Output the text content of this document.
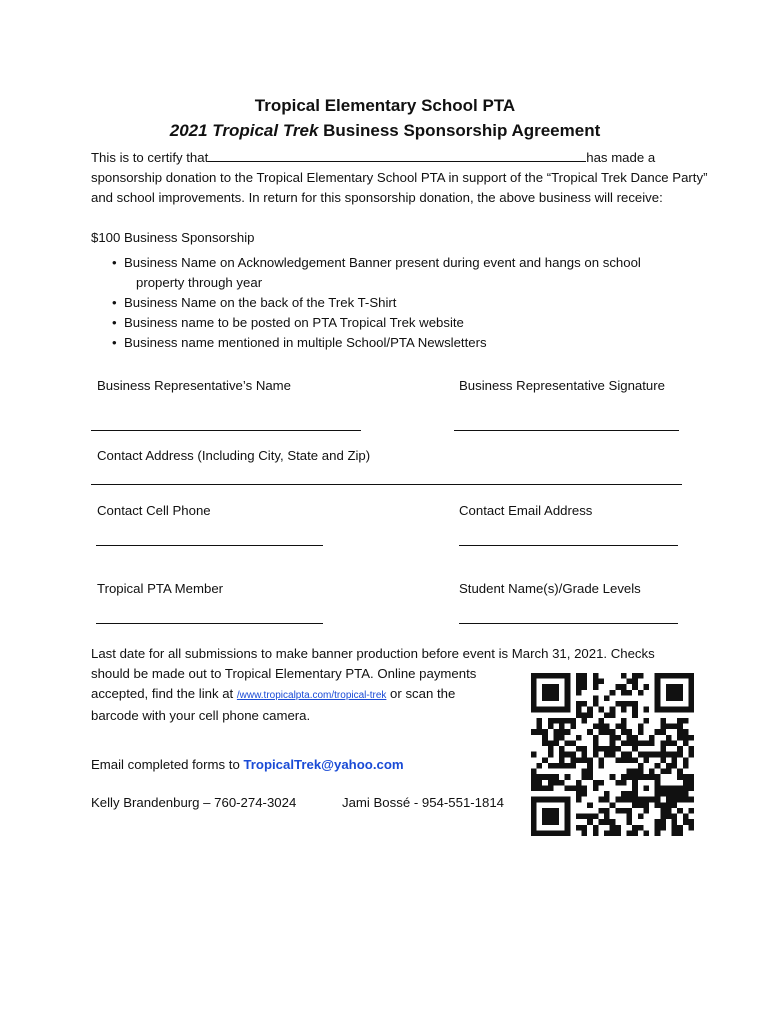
Tropical Elementary School PTA
2021 Tropical Trek Business Sponsorship Agreement
This is to certify that	has made a
sponsorship donation to the Tropical Elementary School PTA in support of the “Tropical Trek Dance Party”
and school improvements. In return for this sponsorship donation, the above business will receive:
$100 Business Sponsorship
• Business Name on Acknowledgement Banner present during event and hangs on school
property through year
• Business Name on the back of the Trek T-Shirt
• Business name to be posted on PTA Tropical Trek website
• Business name mentioned in multiple School/PTA Newsletters
Business Representative’s Name	Business Representative Signature
Contact Address (Including City, State and Zip)
Contact Cell Phone	Contact Email Address
Tropical PTA Member	Student Name(s)/Grade Levels
Last date for all submissions to make banner production before event is March 31, 2021. Checks
should be made out to Tropical Elementary PTA. Online payments
accepted, find the link at /www.tropicalpta.com/tropical-trek or scan the
barcode with your cell phone camera.
Email completed forms to TropicalTrek@yahoo.com
Kelly Brandenburg – 760-274-3024	Jami Bossé - 954-551-1814
